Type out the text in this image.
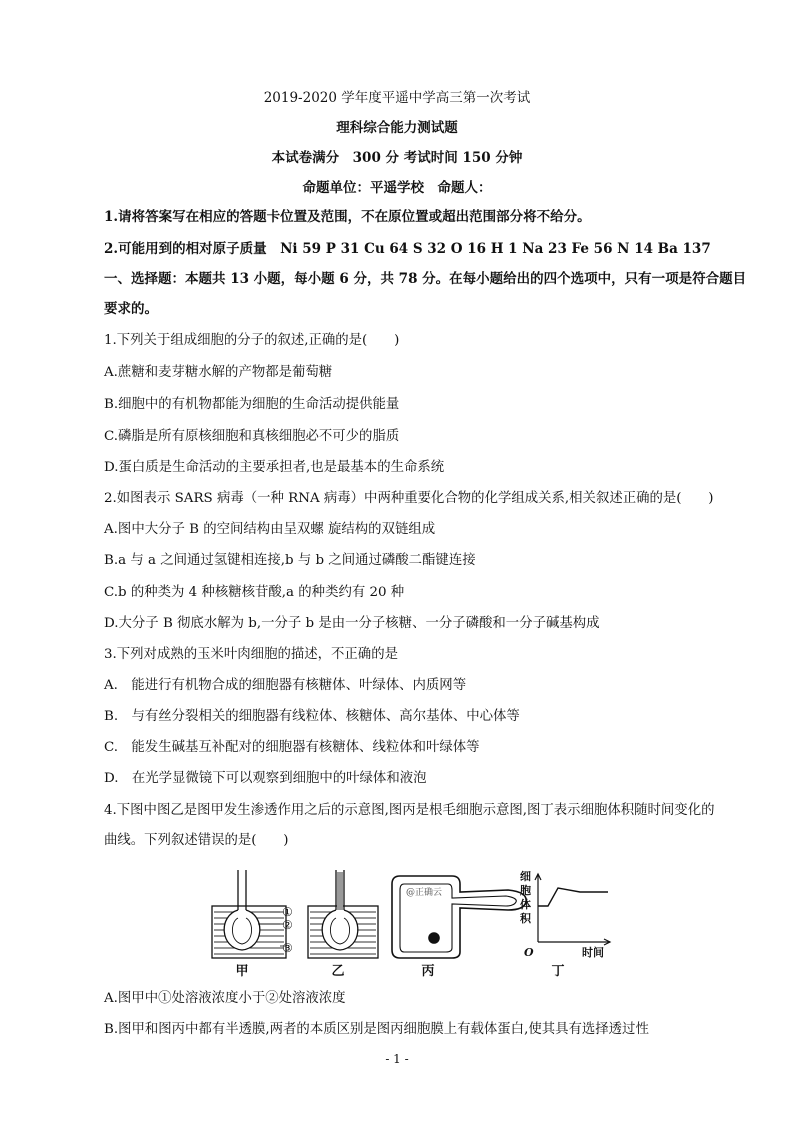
2019-2020 学年度平遥中学高三第一次考试
理科综合能力测试题
本试卷满分　300 分 考试时间 150 分钟
命题单位：平遥学校　命题人：
1.请将答案写在相应的答题卡位置及范围，不在原位置或超出范围部分将不给分。
2.可能用到的相对原子质量　Ni 59 P 31 Cu 64 S 32 O 16 H 1 Na 23 Fe 56 N 14 Ba 137
一、选择题：本题共 13 小题，每小题 6 分，共 78 分。在每小题给出的四个选项中，只有一项是符合题目
要求的。
1.下列关于组成细胞的分子的叙述,正确的是(　　)
A.蔗糖和麦芽糖水解的产物都是葡萄糖
B.细胞中的有机物都能为细胞的生命活动提供能量
C.磷脂是所有原核细胞和真核细胞必不可少的脂质
D.蛋白质是生命活动的主要承担者,也是最基本的生命系统
2.如图表示 SARS 病毒（一种 RNA 病毒）中两种重要化合物的化学组成关系,相关叙述正确的是(　　)
A.图中大分子 B 的空间结构由呈双螺 旋结构的双链组成
B.a 与 a 之间通过氢键相连接,b 与 b 之间通过磷酸二酯键连接
C.b 的种类为 4 种核糖核苷酸,a 的种类约有 20 种
D.大分子 B 彻底水解为 b,一分子 b 是由一分子核糖、一分子磷酸和一分子碱基构成
3.下列对成熟的玉米叶肉细胞的描述，不正确的是
A.　能进行有机物合成的细胞器有核糖体、叶绿体、内质网等
B.　与有丝分裂相关的细胞器有线粒体、核糖体、高尔基体、中心体等
C.　能发生碱基互补配对的细胞器有核糖体、线粒体和叶绿体等
D.　在光学显微镜下可以观察到细胞中的叶绿体和液泡
4.下图中图乙是图甲发生渗透作用之后的示意图,图丙是根毛细胞示意图,图丁表示细胞体积随时间变化的
曲线。下列叙述错误的是(　　)
①
②
③
@正确云
细
胞
体
积
O	时间
甲	乙	丙	丁
A.图甲中①处溶液浓度小于②处溶液浓度
B.图甲和图丙中都有半透膜,两者的本质区别是图丙细胞膜上有载体蛋白,使其具有选择透过性
- 1 -
